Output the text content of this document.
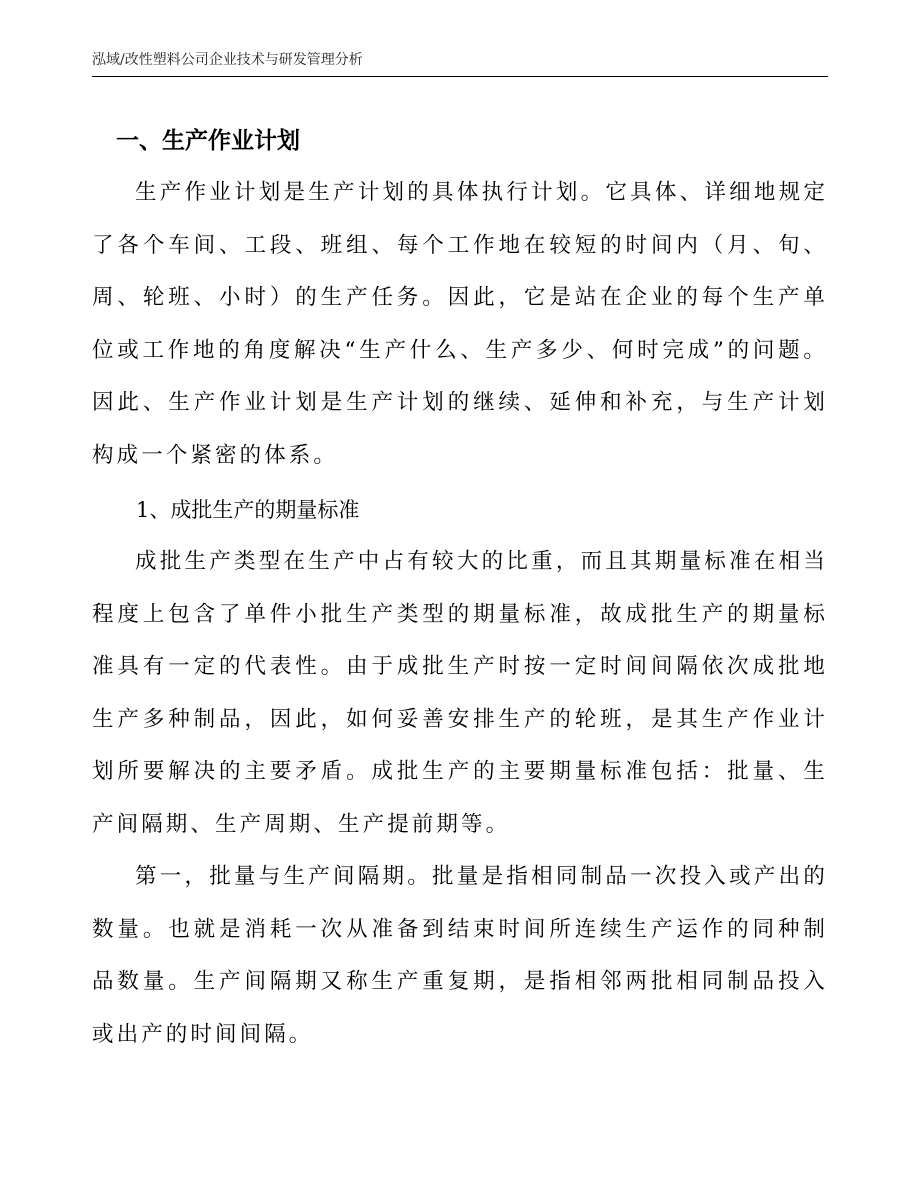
泓域/改性塑料公司企业技术与研发管理分析
一、生产作业计划

生产作业计划是生产计划的具体执行计划。它具体、详细地规定了各个车间、工段、班组、每个工作地在较短的时间内（月、旬、周、轮班、小时）的生产任务。因此，它是站在企业的每个生产单位或工作地的角度解决“生产什么、生产多少、何时完成”的问题。因此、生产作业计划是生产计划的继续、延伸和补充，与生产计划构成一个紧密的体系。

1、成批生产的期量标准

成批生产类型在生产中占有较大的比重，而且其期量标准在相当程度上包含了单件小批生产类型的期量标准，故成批生产的期量标准具有一定的代表性。由于成批生产时按一定时间间隔依次成批地生产多种制品，因此，如何妥善安排生产的轮班，是其生产作业计划所要解决的主要矛盾。成批生产的主要期量标准包括：批量、生产间隔期、生产周期、生产提前期等。

第一，批量与生产间隔期。批量是指相同制品一次投入或产出的数量。也就是消耗一次从准备到结束时间所连续生产运作的同种制品数量。生产间隔期又称生产重复期，是指相邻两批相同制品投入或出产的时间间隔。
